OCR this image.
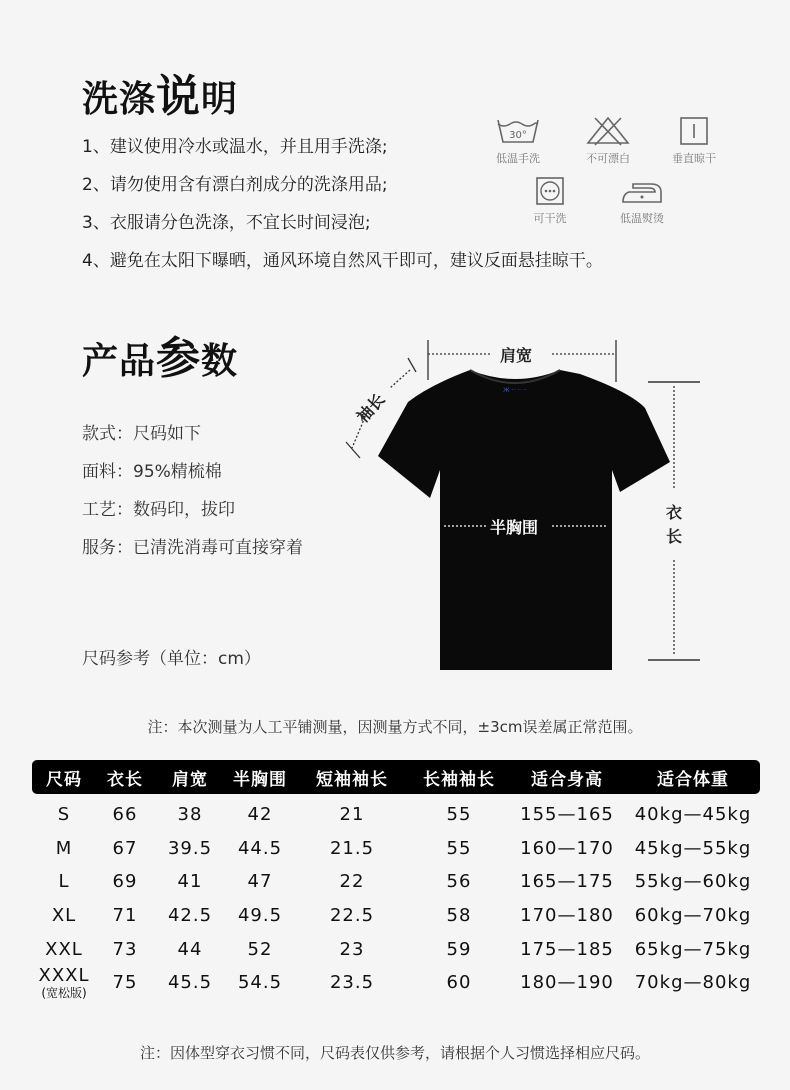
洗涤说明
1、建议使用冷水或温水，并且用手洗涤;
2、请勿使用含有漂白剂成分的洗涤用品;
3、衣服请分色洗涤，不宜长时间浸泡;
4、避免在太阳下曝晒，通风环境自然风干即可，建议反面悬挂晾干。
30°
低温手洗	不可漂白	垂直晾干
可干洗	低温熨烫
产品参数
款式：尺码如下
面料：95%精梳棉
工艺：数码印，拔印
服务：已清洗消毒可直接穿着
尺码参考（单位：cm）
Ж ·· ·· ··
肩宽
袖长
半胸围
衣
长
注：本次测量为人工平铺测量，因测量方式不同，±3cm误差属正常范围。
尺码	衣长	肩宽	半胸围	短袖袖长	长袖袖长	适合身高	适合体重
S	66	38	42	21	55	155—165	40kg—45kg
M	67	39.5	44.5	21.5	55	160—170	45kg—55kg
L	69	41	47	22	56	165—175	55kg—60kg
XL	71	42.5	49.5	22.5	58	170—180	60kg—70kg
XXL	73	44	52	23	59	175—185	65kg—75kg
XXXL
(宽松版)	75	45.5	54.5	23.5	60	180—190	70kg—80kg
注：因体型穿衣习惯不同，尺码表仅供参考，请根据个人习惯选择相应尺码。
